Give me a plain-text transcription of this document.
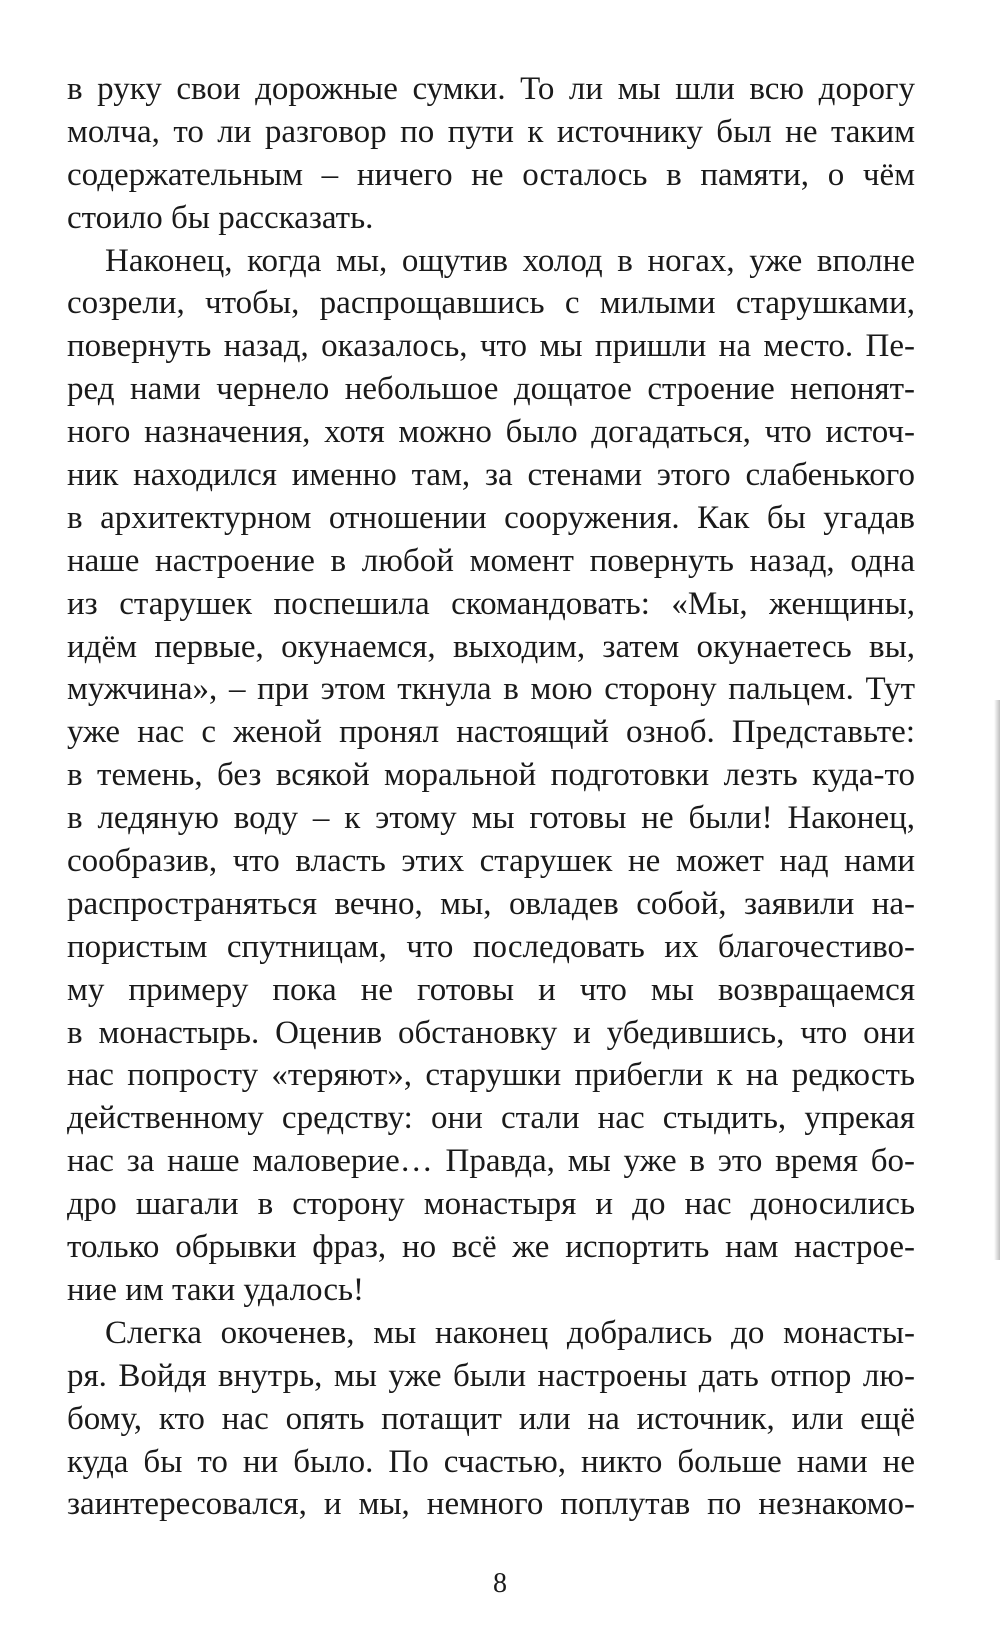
в руку свои дорожные сумки. То ли мы шли всю дорогу
молча, то ли разговор по пути к источнику был не таким
содержательным – ничего не осталось в памяти, о чём
стоило бы рассказать.
Наконец, когда мы, ощутив холод в ногах, уже вполне
созрели, чтобы, распрощавшись с милыми старушками,
повернуть назад, оказалось, что мы пришли на место. Пе-
ред нами чернело небольшое дощатое строение непонят-
ного назначения, хотя можно было догадаться, что источ-
ник находился именно там, за стенами этого слабенького
в архитектурном отношении сооружения. Как бы угадав
наше настроение в любой момент повернуть назад, одна
из старушек поспешила скомандовать: «Мы, женщины,
идём первые, окунаемся, выходим, затем окунаетесь вы,
мужчина», – при этом ткнула в мою сторону пальцем. Тут
уже нас с женой пронял настоящий озноб. Представьте:
в темень, без всякой моральной подготовки лезть куда-то
в ледяную воду – к этому мы готовы не были! Наконец,
сообразив, что власть этих старушек не может над нами
распространяться вечно, мы, овладев собой, заявили на-
пористым спутницам, что последовать их благочестиво-
му примеру пока не готовы и что мы возвращаемся
в монастырь. Оценив обстановку и убедившись, что они
нас попросту «теряют», старушки прибегли к на редкость
действенному средству: они стали нас стыдить, упрекая
нас за наше маловерие… Правда, мы уже в это время бо-
дро шагали в сторону монастыря и до нас доносились
только обрывки фраз, но всё же испортить нам настрое-
ние им таки удалось!
Слегка окоченев, мы наконец добрались до монасты-
ря. Войдя внутрь, мы уже были настроены дать отпор лю-
бому, кто нас опять потащит или на источник, или ещё
куда бы то ни было. По счастью, никто больше нами не
заинтересовался, и мы, немного поплутав по незнакомо-
8
